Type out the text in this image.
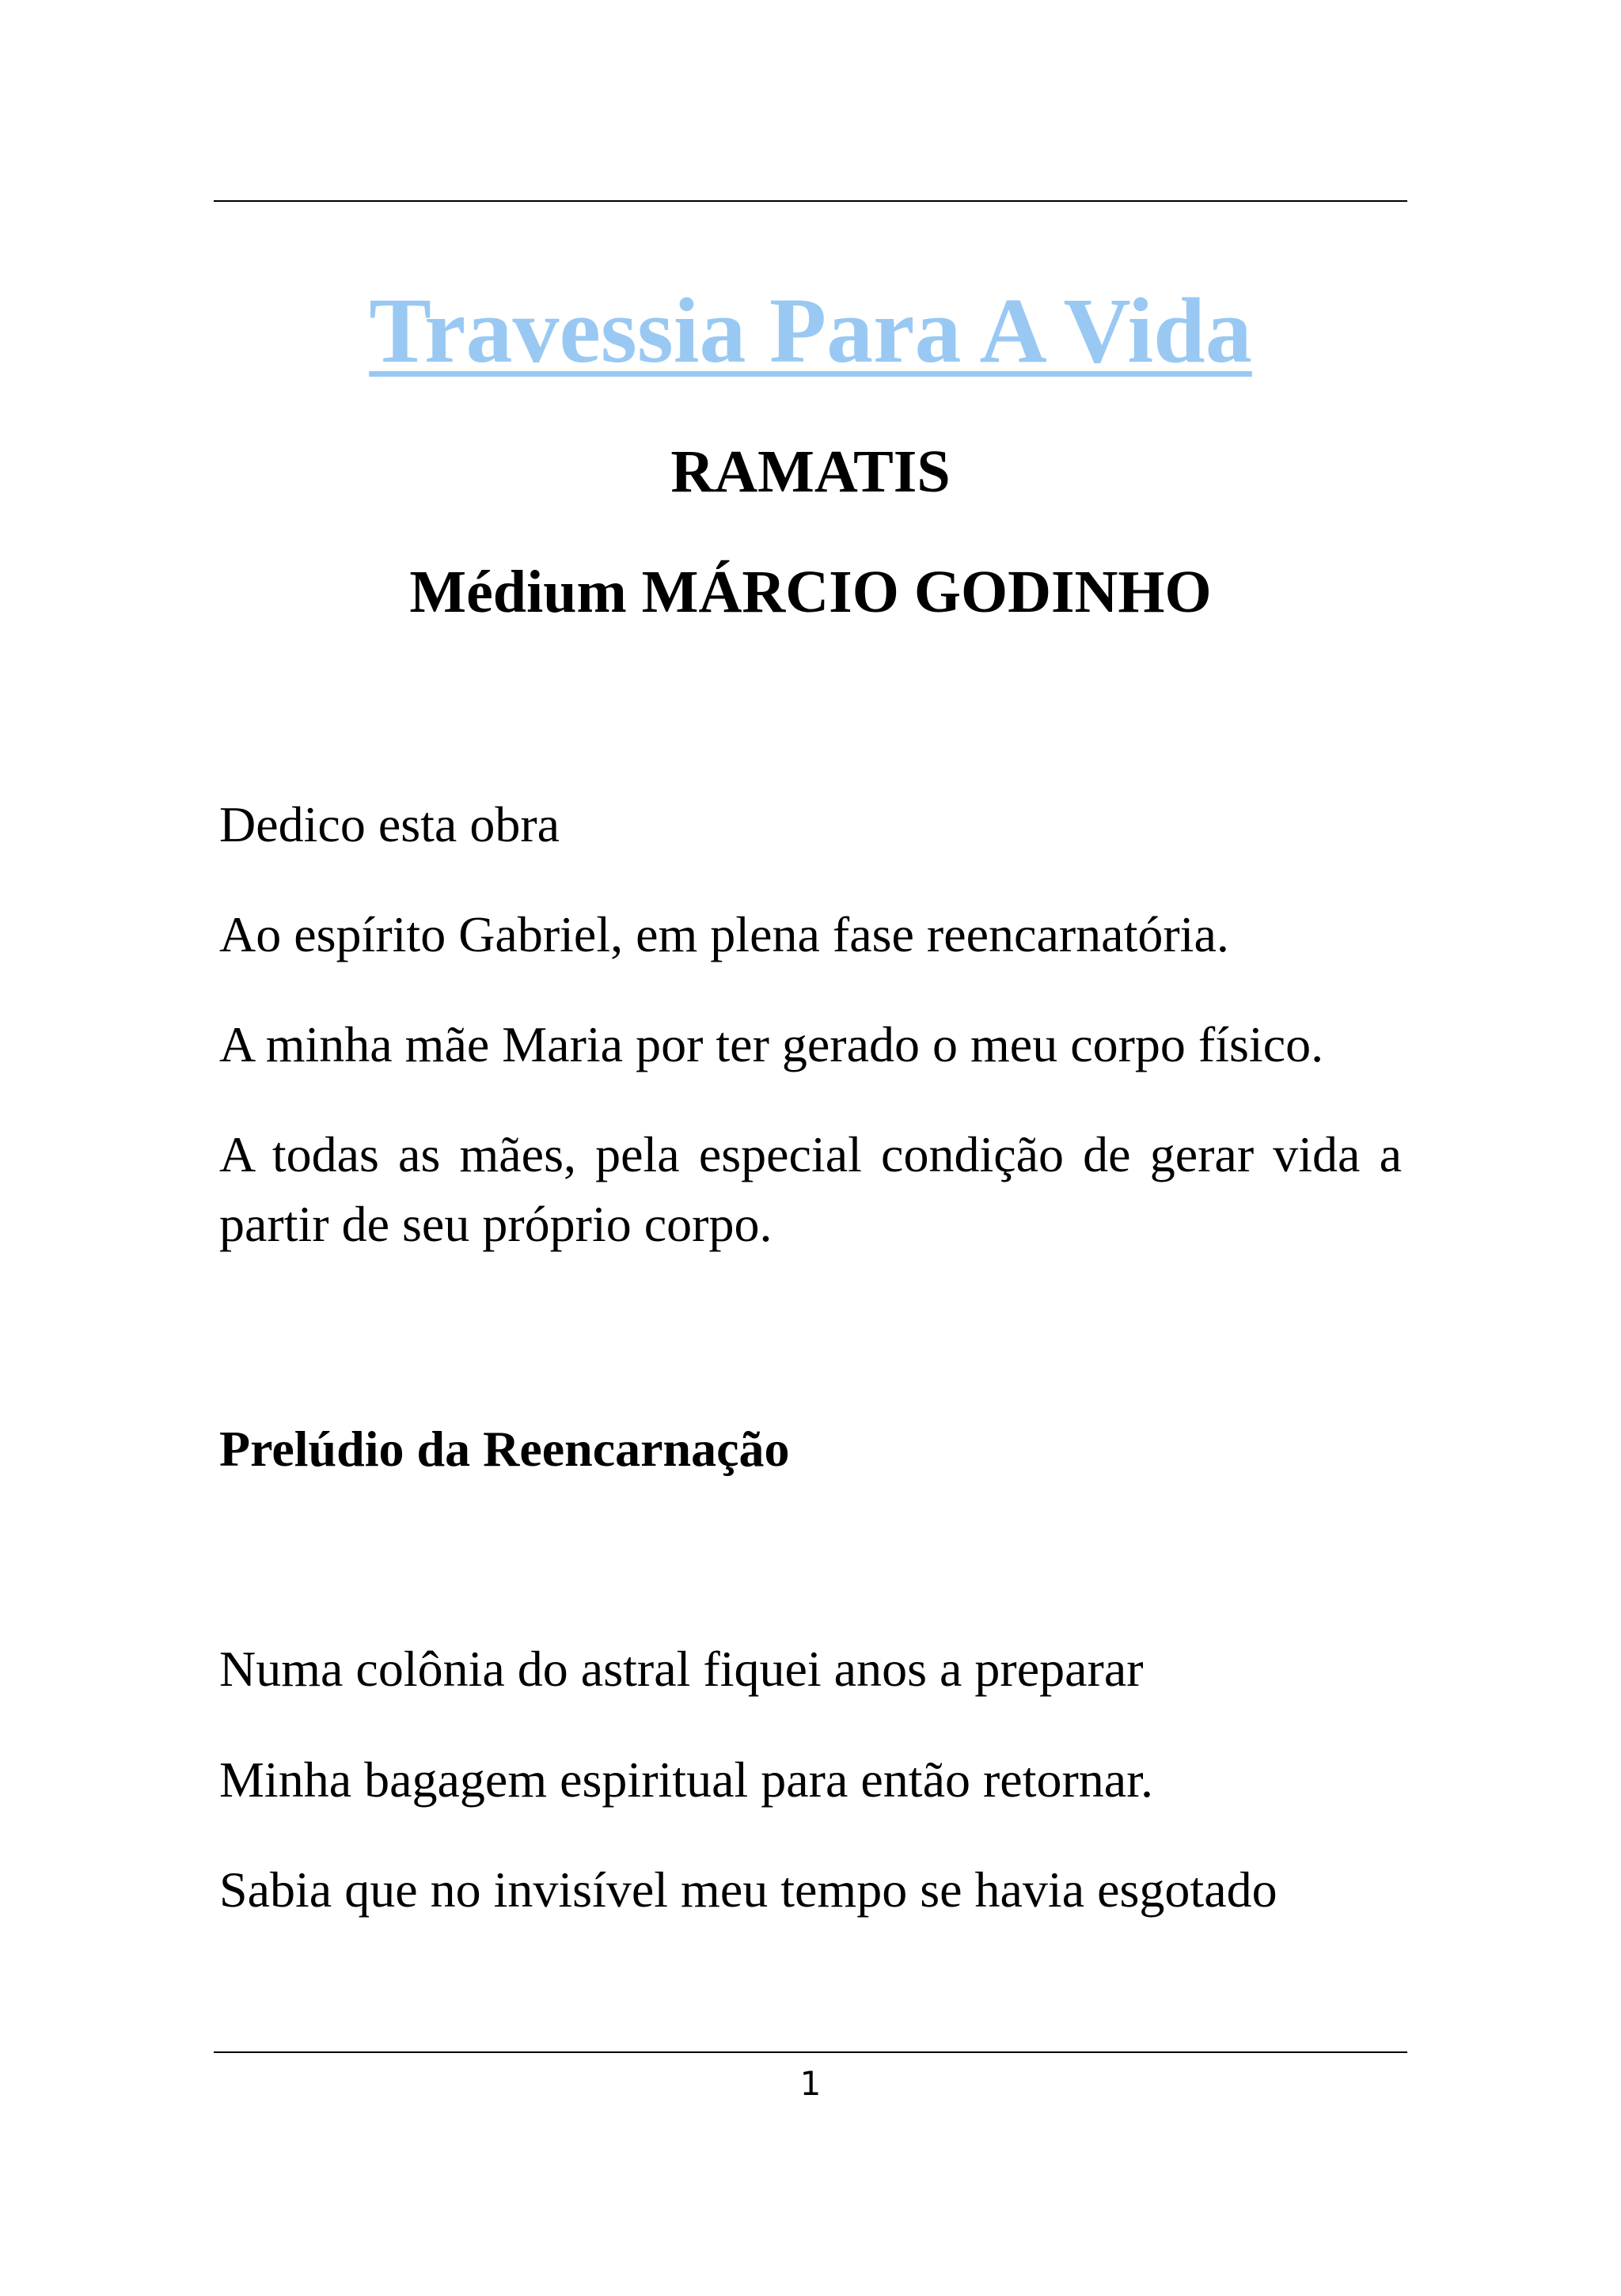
Travessia Para A Vida
RAMATIS
Médium MÁRCIO GODINHO
Dedico esta obra
Ao espírito Gabriel, em plena fase reencarnatória.
A minha mãe Maria por ter gerado o meu corpo físico.
A todas as mães, pela especial condição de gerar vida a partir de seu próprio corpo.
Prelúdio da Reencarnação
Numa colônia do astral fiquei anos a preparar
Minha bagagem espiritual para então retornar.
Sabia que no invisível meu tempo se havia esgotado
1
